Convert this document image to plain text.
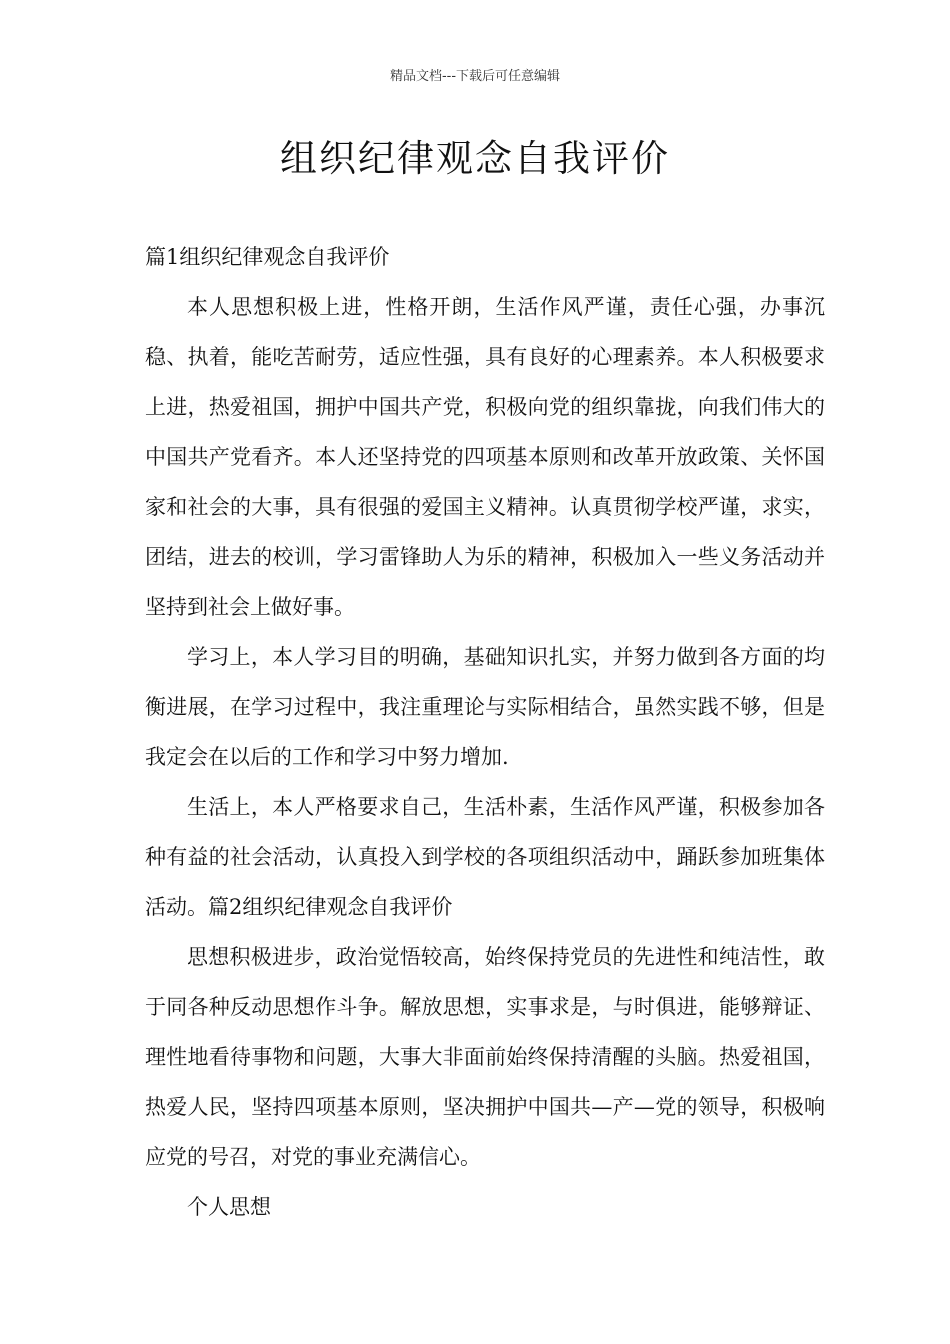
精品文档---下载后可任意编辑
组织纪律观念自我评价

篇1组织纪律观念自我评价

本人思想积极上进，性格开朗，生活作风严谨，责任心强，办事沉稳、执着，能吃苦耐劳，适应性强，具有良好的心理素养。本人积极要求上进，热爱祖国，拥护中国共产党，积极向党的组织靠拢，向我们伟大的中国共产党看齐。本人还坚持党的四项基本原则和改革开放政策、关怀国家和社会的大事，具有很强的爱国主义精神。认真贯彻学校严谨，求实，团结，进去的校训，学习雷锋助人为乐的精神，积极加入一些义务活动并坚持到社会上做好事。

学习上，本人学习目的明确，基础知识扎实，并努力做到各方面的均衡进展，在学习过程中，我注重理论与实际相结合，虽然实践不够，但是我定会在以后的工作和学习中努力增加.

生活上，本人严格要求自己，生活朴素，生活作风严谨，积极参加各种有益的社会活动，认真投入到学校的各项组织活动中，踊跃参加班集体活动。篇2组织纪律观念自我评价

思想积极进步，政治觉悟较高，始终保持党员的先进性和纯洁性，敢于同各种反动思想作斗争。解放思想，实事求是，与时俱进，能够辩证、理性地看待事物和问题，大事大非面前始终保持清醒的头脑。热爱祖国，热爱人民，坚持四项基本原则，坚决拥护中国共—产—党的领导，积极响应党的号召，对党的事业充满信心。

个人思想
